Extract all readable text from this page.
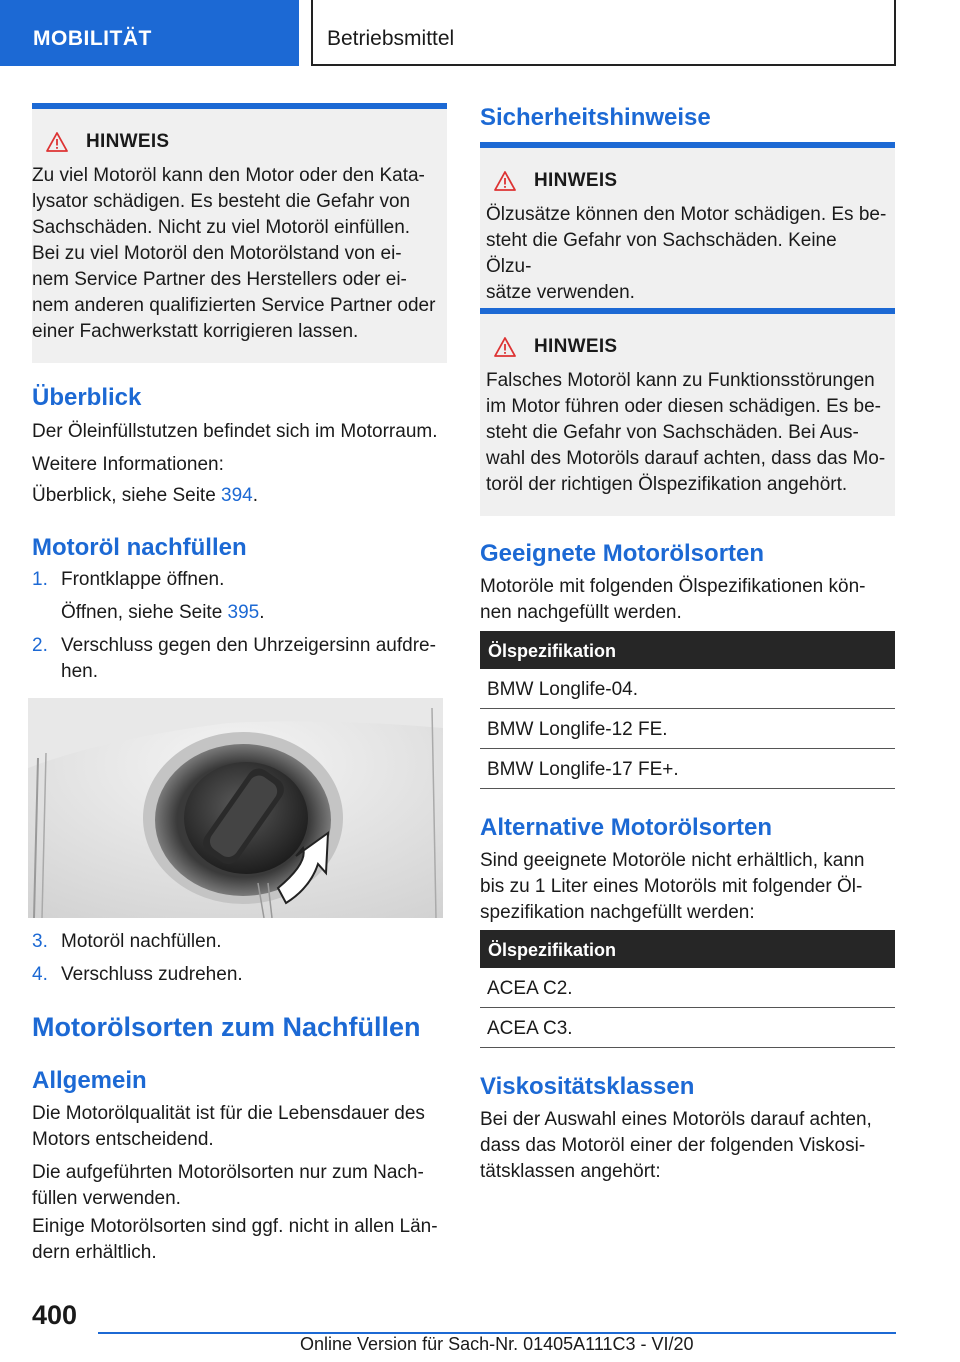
MOBILITÄT	Betriebsmittel
HINWEIS
Zu viel Motoröl kann den Motor oder den Kata-
lysator schädigen. Es besteht die Gefahr von
Sachschäden. Nicht zu viel Motoröl einfüllen.
Bei zu viel Motoröl den Motorölstand von ei-
nem Service Partner des Herstellers oder ei-
nem anderen qualifizierten Service Partner oder
einer Fachwerkstatt korrigieren lassen.
Überblick

Der Öleinfüllstutzen befindet sich im Motorraum.

Weitere Informationen:

Überblick, siehe Seite 394.

Motoröl nachfüllen
1. Frontklappe öffnen.
Öffnen, siehe Seite 395.
2. Verschluss gegen den Uhrzeigersinn aufdre-
hen.
3. Motoröl nachfüllen.
4. Verschluss zudrehen.
Motorölsorten zum Nachfüllen
Allgemein

Die Motorölqualität ist für die Lebensdauer des
Motors entscheidend.

Die aufgeführten Motorölsorten nur zum Nach-
füllen verwenden.

Einige Motorölsorten sind ggf. nicht in allen Län-
dern erhältlich.

Sicherheitshinweise
HINWEIS
Ölzusätze können den Motor schädigen. Es be-
steht die Gefahr von Sachschäden. Keine Ölzu-
sätze verwenden.
HINWEIS
Falsches Motoröl kann zu Funktionsstörungen
im Motor führen oder diesen schädigen. Es be-
steht die Gefahr von Sachschäden. Bei Aus-
wahl des Motoröls darauf achten, dass das Mo-
toröl der richtigen Ölspezifikation angehört.
Geeignete Motorölsorten

Motoröle mit folgenden Ölspezifikationen kön-
nen nachgefüllt werden.

Ölspezifikation
BMW Longlife-04.
BMW Longlife-12 FE.
BMW Longlife-17 FE+.
Alternative Motorölsorten

Sind geeignete Motoröle nicht erhältlich, kann
bis zu 1 Liter eines Motoröls mit folgender Öl-
spezifikation nachgefüllt werden:

Ölspezifikation
ACEA C2.
ACEA C3.
Viskositätsklassen

Bei der Auswahl eines Motoröls darauf achten,
dass das Motoröl einer der folgenden Viskosi-
tätsklassen angehört:

400
Online Version für Sach-Nr. 01405A111C3 - VI/20
